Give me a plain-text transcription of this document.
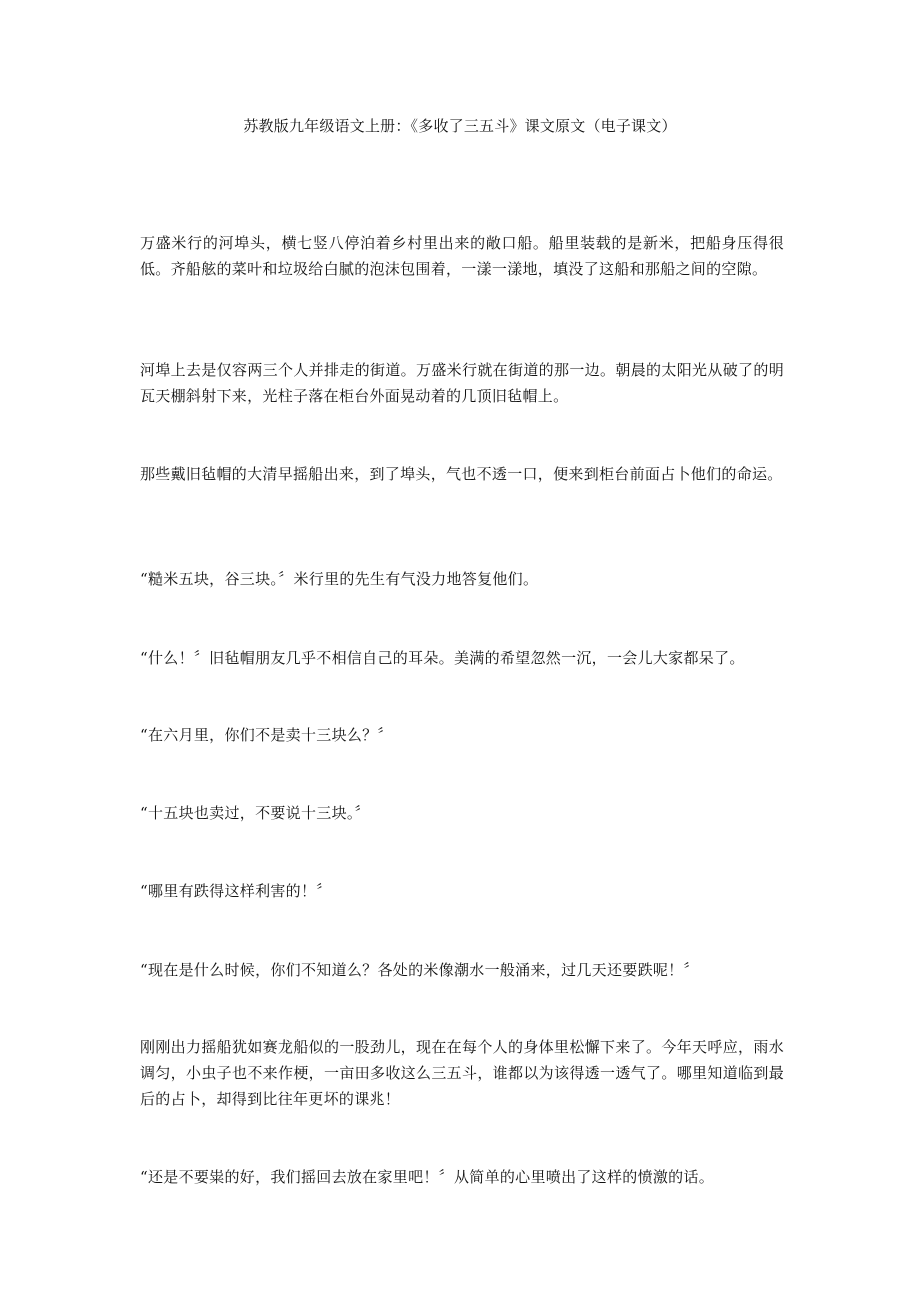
苏教版九年级语文上册：《多收了三五斗》课文原文（电子课文）

万盛米行的河埠头，横七竖八停泊着乡村里出来的敞口船。船里装载的是新米，把船身压得很低。齐船舷的菜叶和垃圾给白腻的泡沫包围着，一漾一漾地，填没了这船和那船之间的空隙。

河埠上去是仅容两三个人并排走的街道。万盛米行就在街道的那一边。朝晨的太阳光从破了的明瓦天棚斜射下来，光柱子落在柜台外面晃动着的几顶旧毡帽上。

那些戴旧毡帽的大清早摇船出来，到了埠头，气也不透一口，便来到柜台前面占卜他们的命运。

“糙米五块，谷三块。〞米行里的先生有气没力地答复他们。

“什么！〞旧毡帽朋友几乎不相信自己的耳朵。美满的希望忽然一沉，一会儿大家都呆了。

“在六月里，你们不是卖十三块么？〞

“十五块也卖过，不要说十三块。〞

“哪里有跌得这样利害的！〞

“现在是什么时候，你们不知道么？各处的米像潮水一般涌来，过几天还要跌呢！〞

刚刚出力摇船犹如赛龙船似的一股劲儿，现在在每个人的身体里松懈下来了。今年天呼应，雨水调匀，小虫子也不来作梗，一亩田多收这么三五斗，谁都以为该得透一透气了。哪里知道临到最后的占卜，却得到比往年更坏的课兆！

“还是不要粜的好，我们摇回去放在家里吧！〞从简单的心里喷出了这样的愤激的话。
